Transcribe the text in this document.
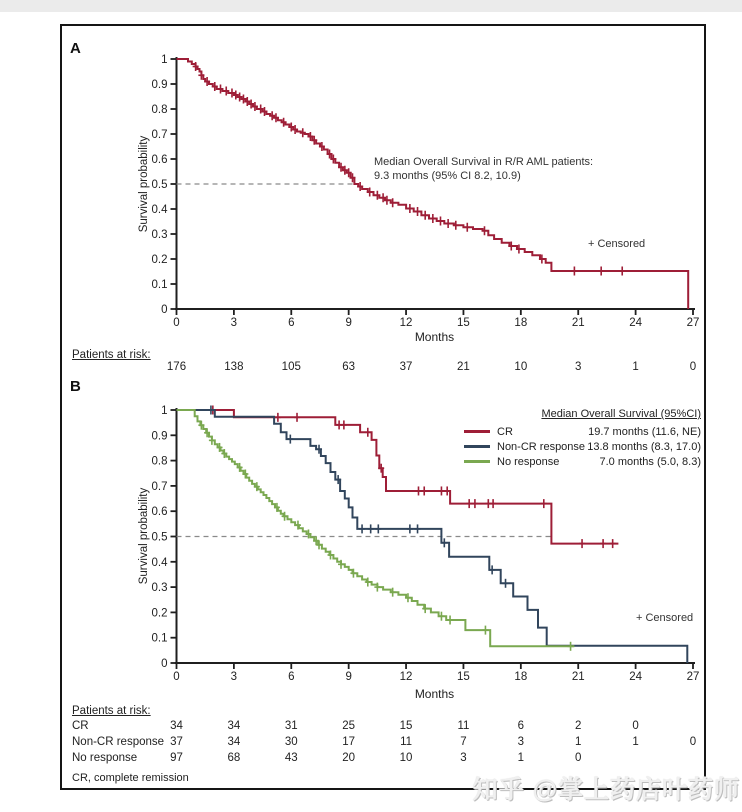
0	3	6	9	12	15	18	21	24	27
0
0.1
0.2
0.3
0.4
0.5
0.6
0.7
0.8
0.9
1
0	3	6	9	12	15	18	21	24	27
0
0.1
0.2
0.3
0.4
0.5
0.6
0.7
0.8
0.9
1
A
B
Survival probability
Survival probability
Months
Months
Median Overall Survival in R/R AML patients:
9.3 months (95% CI 8.2, 10.9)
+ Censored
+ Censored
Median Overall Survival (95%CI)
CR	19.7 months (11.6, NE)
Non-CR response 13.8 months (8.3, 17.0)
No response	7.0 months (5.0, 8.3)
Patients at risk:
Patients at risk:
176	138	105	63	37	21	10	3	1	0
CR	34	34	31	25	15	11	6	2	0
Non-CR response 37	34	30	17	11	7	3	1	1	0
No response	97	68	43	20	10	3	1	0
CR, complete remission	知乎 @掌上药店叶药师
